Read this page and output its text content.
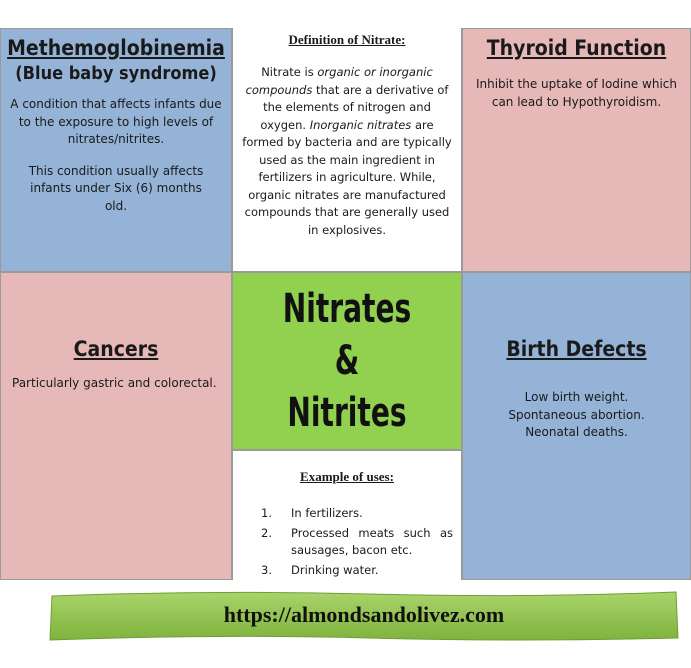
Methemoglobinemia
(Blue baby syndrome)
A condition that affects infants due to the exposure to high levels of nitrates/nitrites.
This condition usually affects infants under Six (6) months old.
Definition of Nitrate:
Nitrate is organic or inorganic compounds that are a derivative of the elements of nitrogen and oxygen. Inorganic nitrates are formed by bacteria and are typically used as the main ingredient in fertilizers in agriculture. While, organic nitrates are manufactured compounds that are generally used in explosives.
Thyroid Function
Inhibit the uptake of Iodine which can lead to Hypothyroidism.
Cancers
Particularly gastric and colorectal.
Nitrates
&
Nitrites
Example of uses:
1.	In fertilizers.
2.	Processed meats such as sausages, bacon etc.
3.	Drinking water.
Birth Defects
Low birth weight.
Spontaneous abortion.
Neonatal deaths.
https://almondsandolivez.com
